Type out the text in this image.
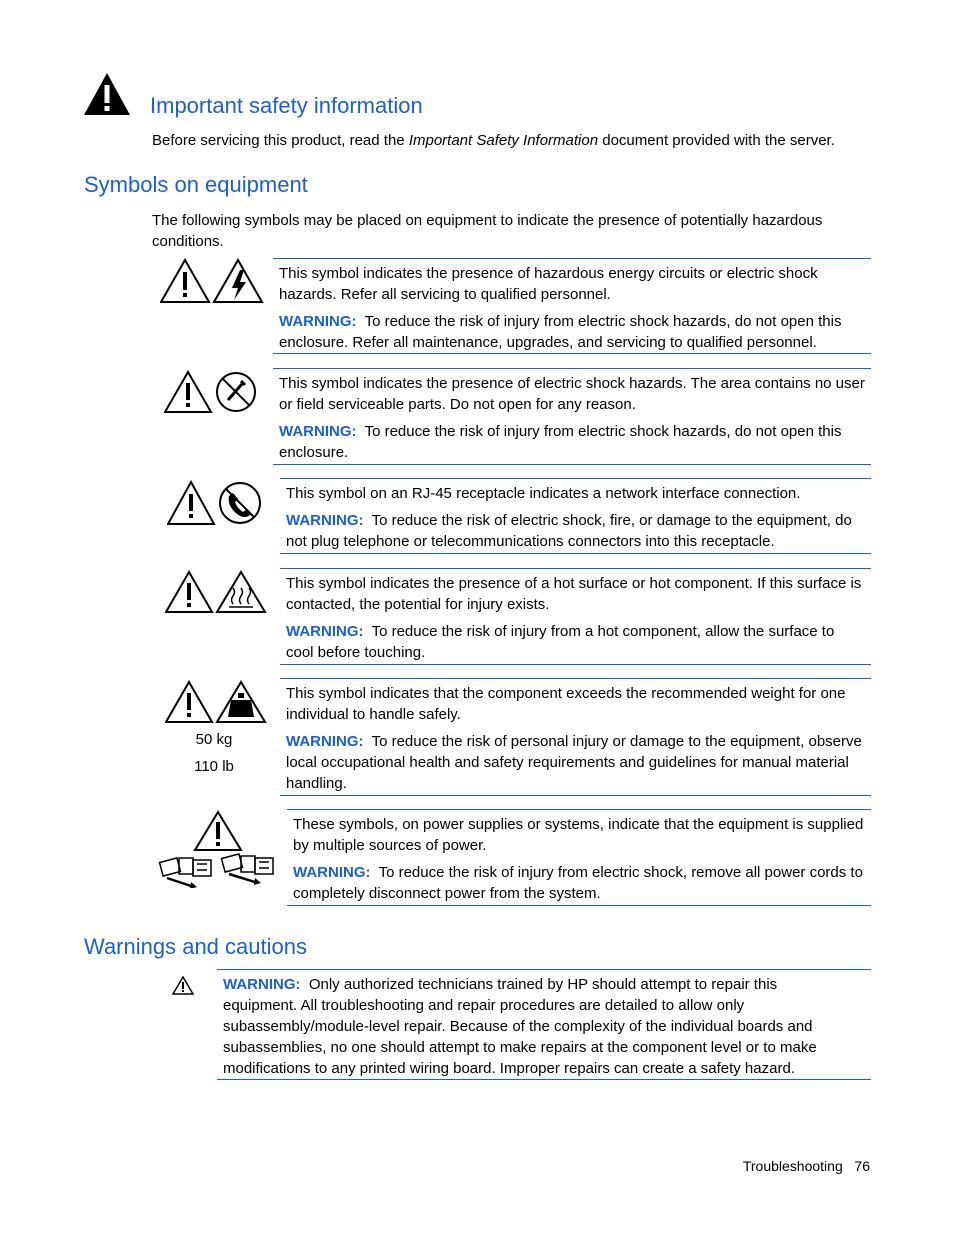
Important safety information

Before servicing this product, read the Important Safety Information document provided with the server.

Symbols on equipment

The following symbols may be placed on equipment to indicate the presence of potentially hazardous conditions.

This symbol indicates the presence of hazardous energy circuits or electric shock hazards. Refer all servicing to qualified personnel.

WARNING: To reduce the risk of injury from electric shock hazards, do not open this enclosure. Refer all maintenance, upgrades, and servicing to qualified personnel.

This symbol indicates the presence of electric shock hazards. The area contains no user or field serviceable parts. Do not open for any reason.

WARNING: To reduce the risk of injury from electric shock hazards, do not open this enclosure.

This symbol on an RJ-45 receptacle indicates a network interface connection.

WARNING: To reduce the risk of electric shock, fire, or damage to the equipment, do not plug telephone or telecommunications connectors into this receptacle.

This symbol indicates the presence of a hot surface or hot component. If this surface is contacted, the potential for injury exists.

WARNING: To reduce the risk of injury from a hot component, allow the surface to cool before touching.

50 kg
110 lb

This symbol indicates that the component exceeds the recommended weight for one individual to handle safely.

WARNING: To reduce the risk of personal injury or damage to the equipment, observe local occupational health and safety requirements and guidelines for manual material handling.

These symbols, on power supplies or systems, indicate that the equipment is supplied by multiple sources of power.

WARNING: To reduce the risk of injury from electric shock, remove all power cords to completely disconnect power from the system.

Warnings and cautions

WARNING: Only authorized technicians trained by HP should attempt to repair this equipment. All troubleshooting and repair procedures are detailed to allow only subassembly/module-level repair. Because of the complexity of the individual boards and subassemblies, no one should attempt to make repairs at the component level or to make modifications to any printed wiring board. Improper repairs can create a safety hazard.

Troubleshooting 76
